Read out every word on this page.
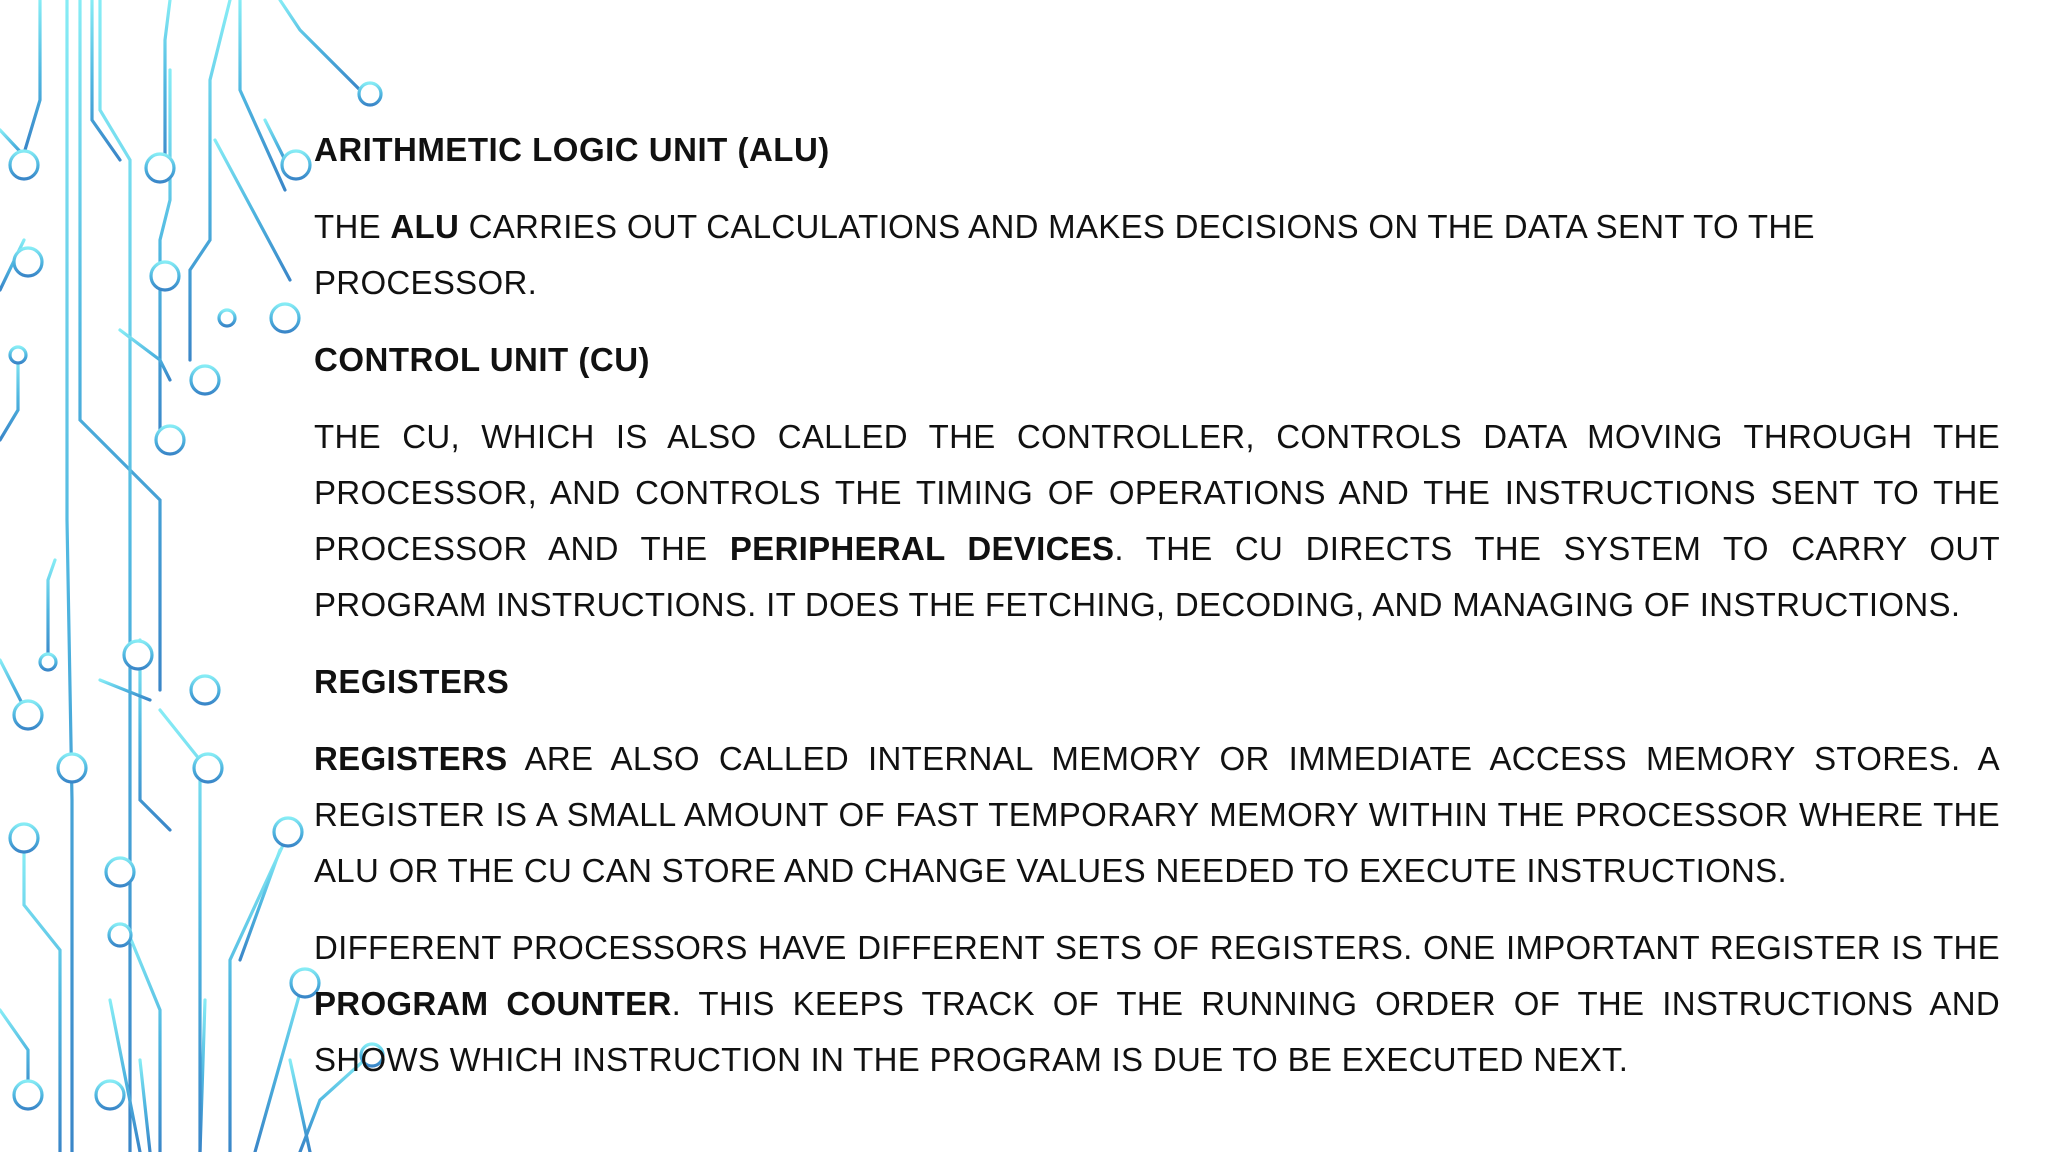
ARITHMETIC LOGIC UNIT (ALU)
THE ALU CARRIES OUT CALCULATIONS AND MAKES DECISIONS ON THE DATA SENT TO THE PROCESSOR.
CONTROL UNIT (CU)
THE CU, WHICH IS ALSO CALLED THE CONTROLLER, CONTROLS DATA MOVING THROUGH THE PROCESSOR, AND CONTROLS THE TIMING OF OPERATIONS AND THE INSTRUCTIONS SENT TO THE PROCESSOR AND THE PERIPHERAL DEVICES. THE CU DIRECTS THE SYSTEM TO CARRY OUT PROGRAM INSTRUCTIONS. IT DOES THE FETCHING, DECODING, AND MANAGING OF INSTRUCTIONS.
REGISTERS
REGISTERS ARE ALSO CALLED INTERNAL MEMORY OR IMMEDIATE ACCESS MEMORY STORES. A REGISTER IS A SMALL AMOUNT OF FAST TEMPORARY MEMORY WITHIN THE PROCESSOR WHERE THE ALU OR THE CU CAN STORE AND CHANGE VALUES NEEDED TO EXECUTE INSTRUCTIONS.
DIFFERENT PROCESSORS HAVE DIFFERENT SETS OF REGISTERS. ONE IMPORTANT REGISTER IS THE PROGRAM COUNTER. THIS KEEPS TRACK OF THE RUNNING ORDER OF THE INSTRUCTIONS AND SHOWS WHICH INSTRUCTION IN THE PROGRAM IS DUE TO BE EXECUTED NEXT.
